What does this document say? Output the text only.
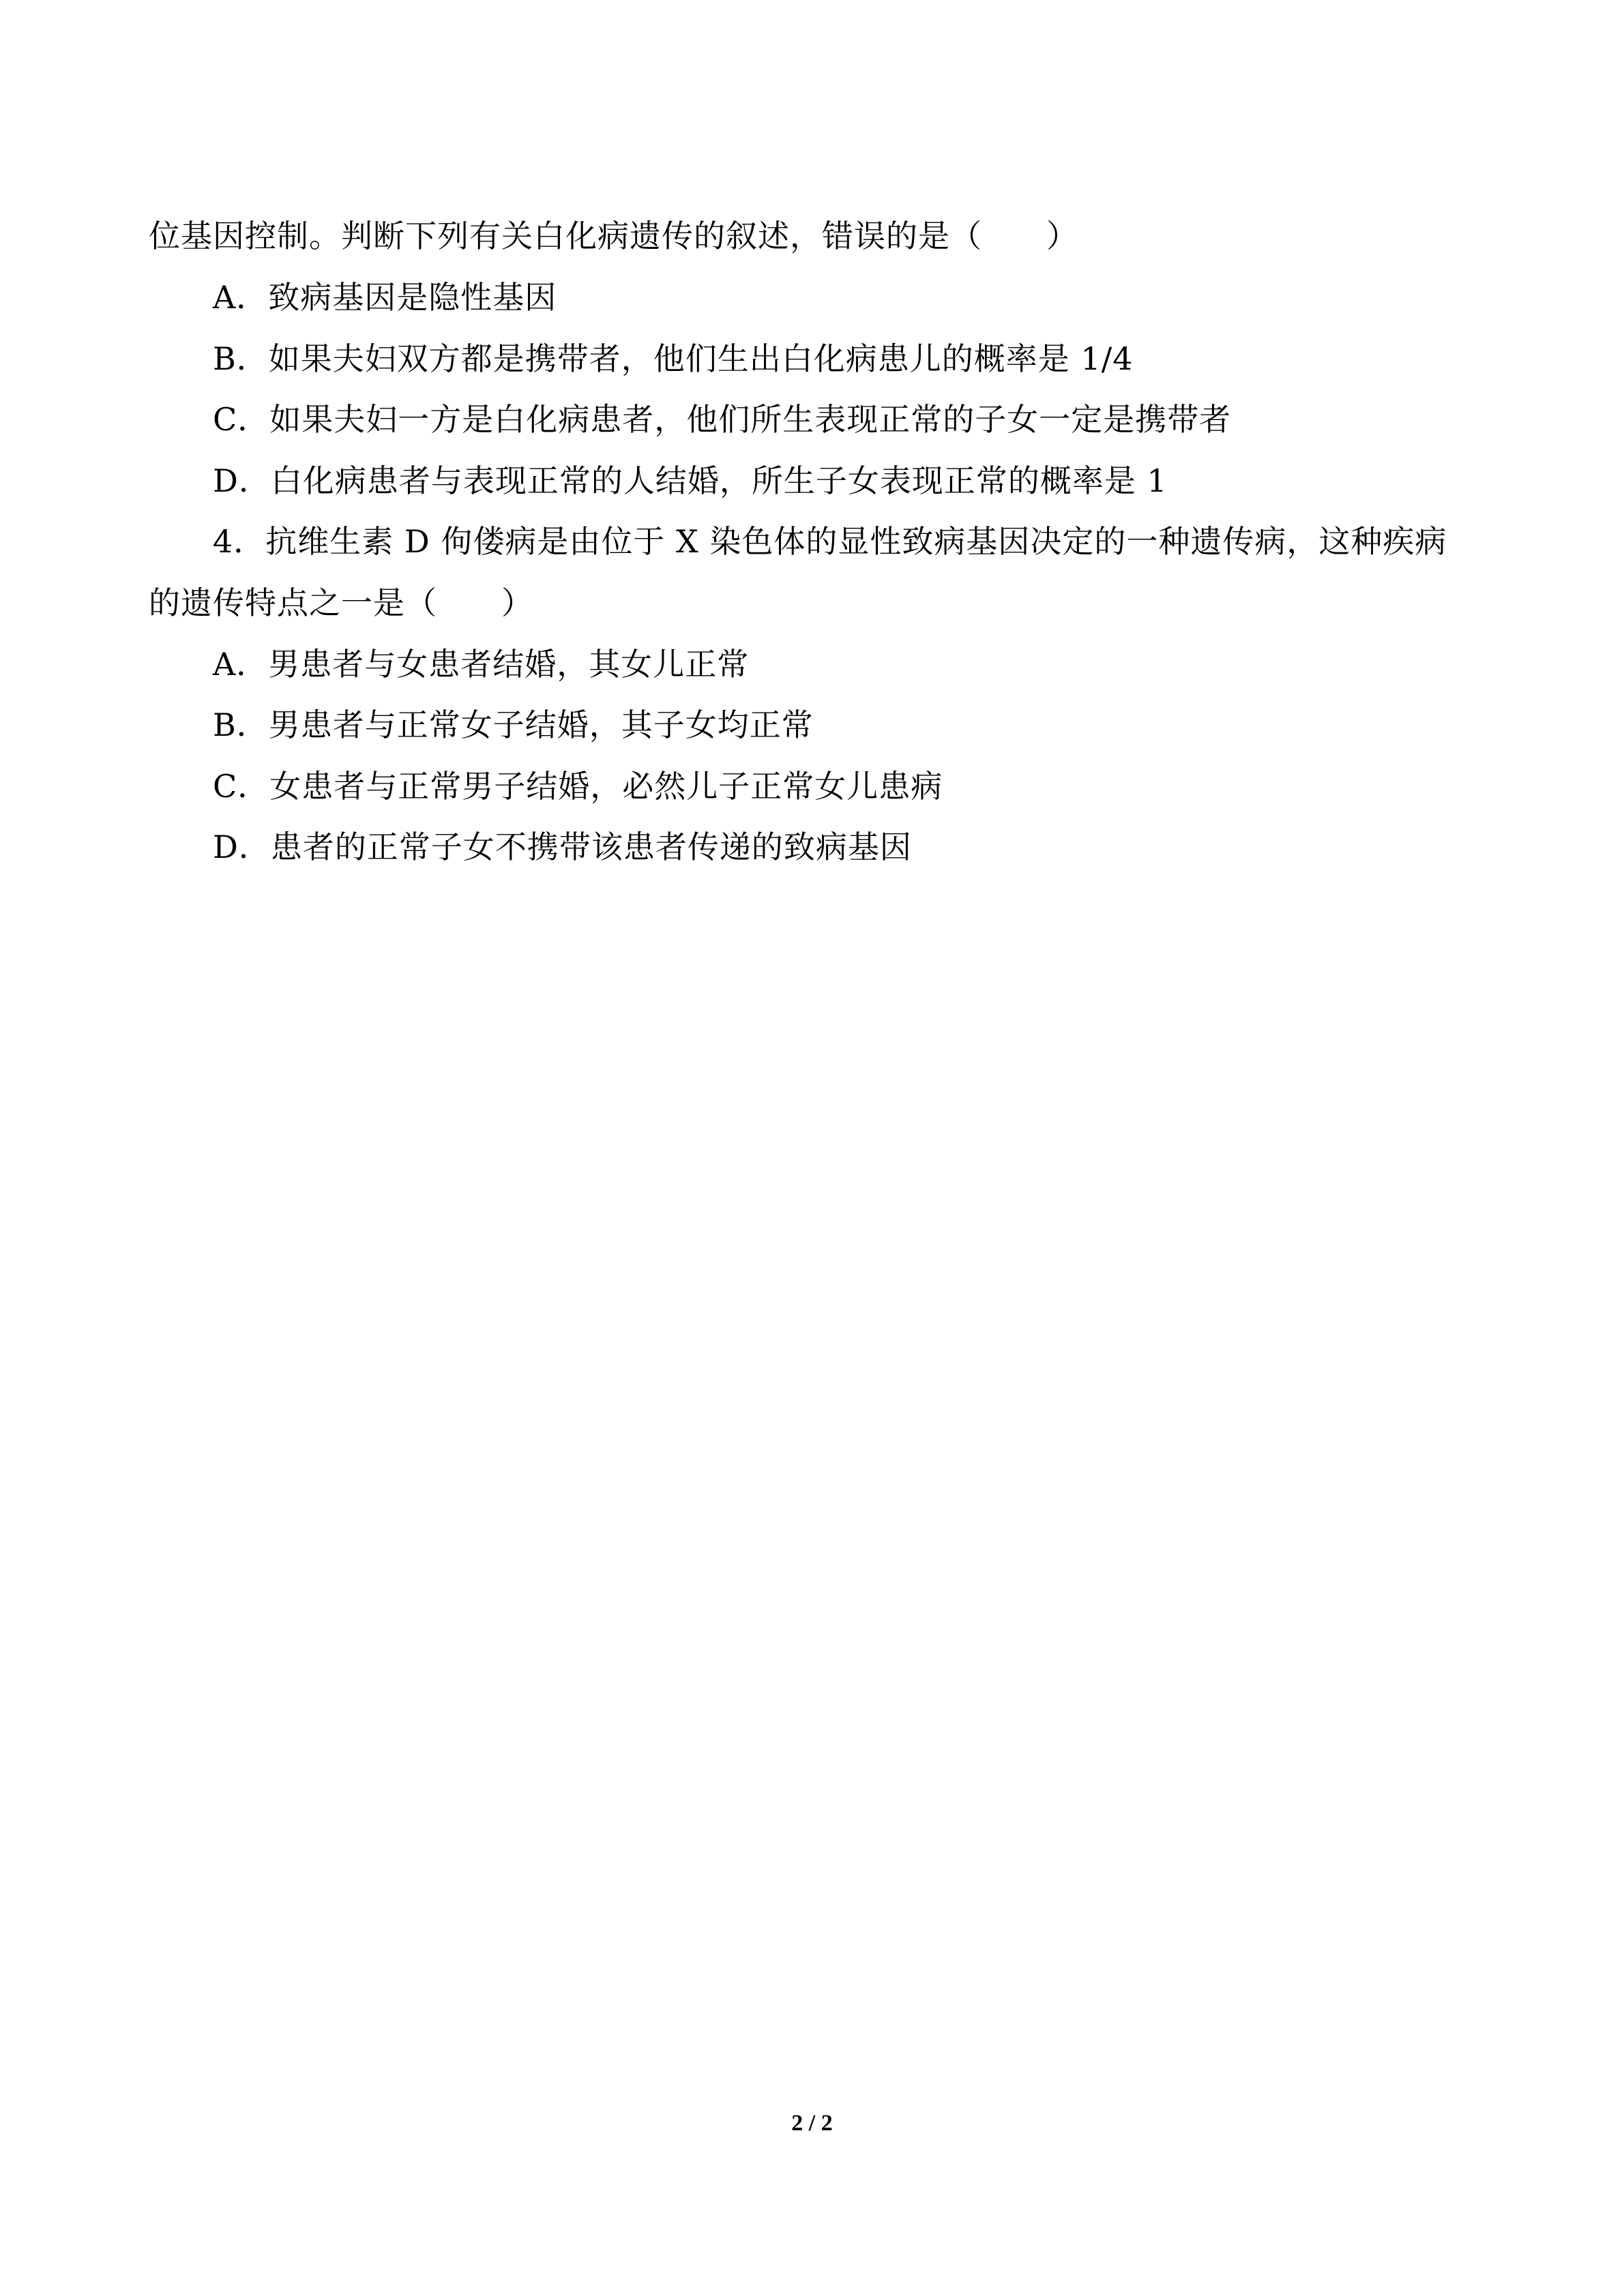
位基因控制。判断下列有关白化病遗传的叙述，错误的是（　　）
A．致病基因是隐性基因
B．如果夫妇双方都是携带者，他们生出白化病患儿的概率是 1/4
C．如果夫妇一方是白化病患者，他们所生表现正常的子女一定是携带者
D．白化病患者与表现正常的人结婚，所生子女表现正常的概率是 1
4．抗维生素 D 佝偻病是由位于 X 染色体的显性致病基因决定的一种遗传病，这种疾病
的遗传特点之一是（　　）
A．男患者与女患者结婚，其女儿正常
B．男患者与正常女子结婚，其子女均正常
C．女患者与正常男子结婚，必然儿子正常女儿患病
D．患者的正常子女不携带该患者传递的致病基因
2 / 2
